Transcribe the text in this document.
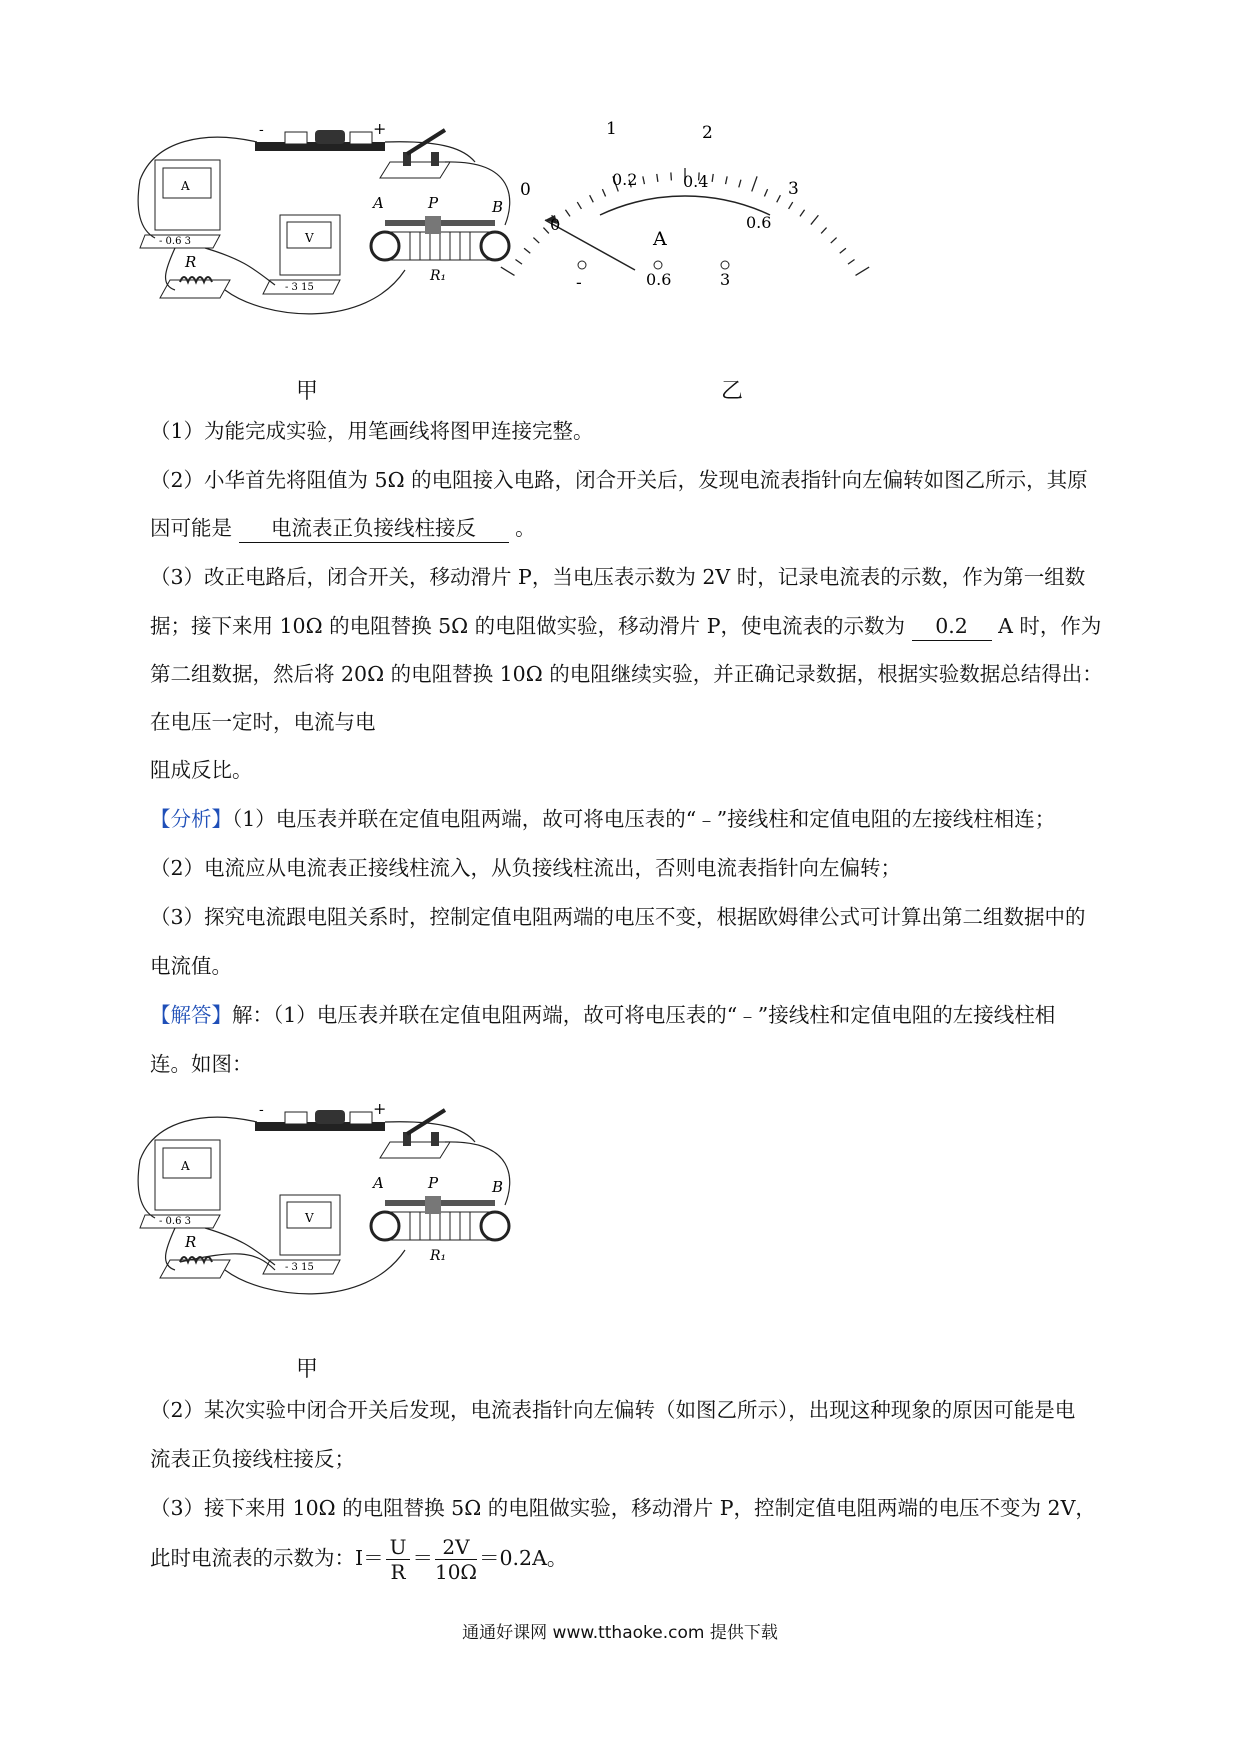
-	+
A
- 0.6 3	V
- 3 15
R
A	P	B
R₁
甲
0
1	2
3
0
0.2	0.4
0.6
A
-	0.6	3
乙
（1）为能完成实验，用笔画线将图甲连接完整。
（2）小华首先将阻值为 5Ω 的电阻接入电路，闭合开关后，发现电流表指针向左偏转如图乙所示，其原
因可能是 电流表正负接线柱接反 。
（3）改正电路后，闭合开关，移动滑片 P，当电压表示数为 2V 时，记录电流表的示数，作为第一组数
据；接下来用 10Ω 的电阻替换 5Ω 的电阻做实验，移动滑片 P，使电流表的示数为 0.2 A 时，作为
第二组数据，然后将 20Ω 的电阻替换 10Ω 的电阻继续实验，并正确记录数据，根据实验数据总结得出：
在电压一定时，电流与电
阻成反比。
【分析】（1）电压表并联在定值电阻两端，故可将电压表的“﹣”接线柱和定值电阻的左接线柱相连；
（2）电流应从电流表正接线柱流入，从负接线柱流出，否则电流表指针向左偏转；
（3）探究电流跟电阻关系时，控制定值电阻两端的电压不变，根据欧姆律公式可计算出第二组数据中的
电流值。
【解答】解：（1）电压表并联在定值电阻两端，故可将电压表的“﹣”接线柱和定值电阻的左接线柱相
连。如图：
-	+
A
- 0.6 3	V
- 3 15
R
A	P	B
R₁
甲
（2）某次实验中闭合开关后发现，电流表指针向左偏转（如图乙所示），出现这种现象的原因可能是电
流表正负接线柱接反；
（3）接下来用 10Ω 的电阻替换 5Ω 的电阻做实验，移动滑片 P，控制定值电阻两端的电压不变为 2V，
此时电流表的示数为：$I= \frac{U}{R} = \frac{2V}{10\Omega} =0.2A$。
通通好课网 www.tthaoke.com 提供下载
